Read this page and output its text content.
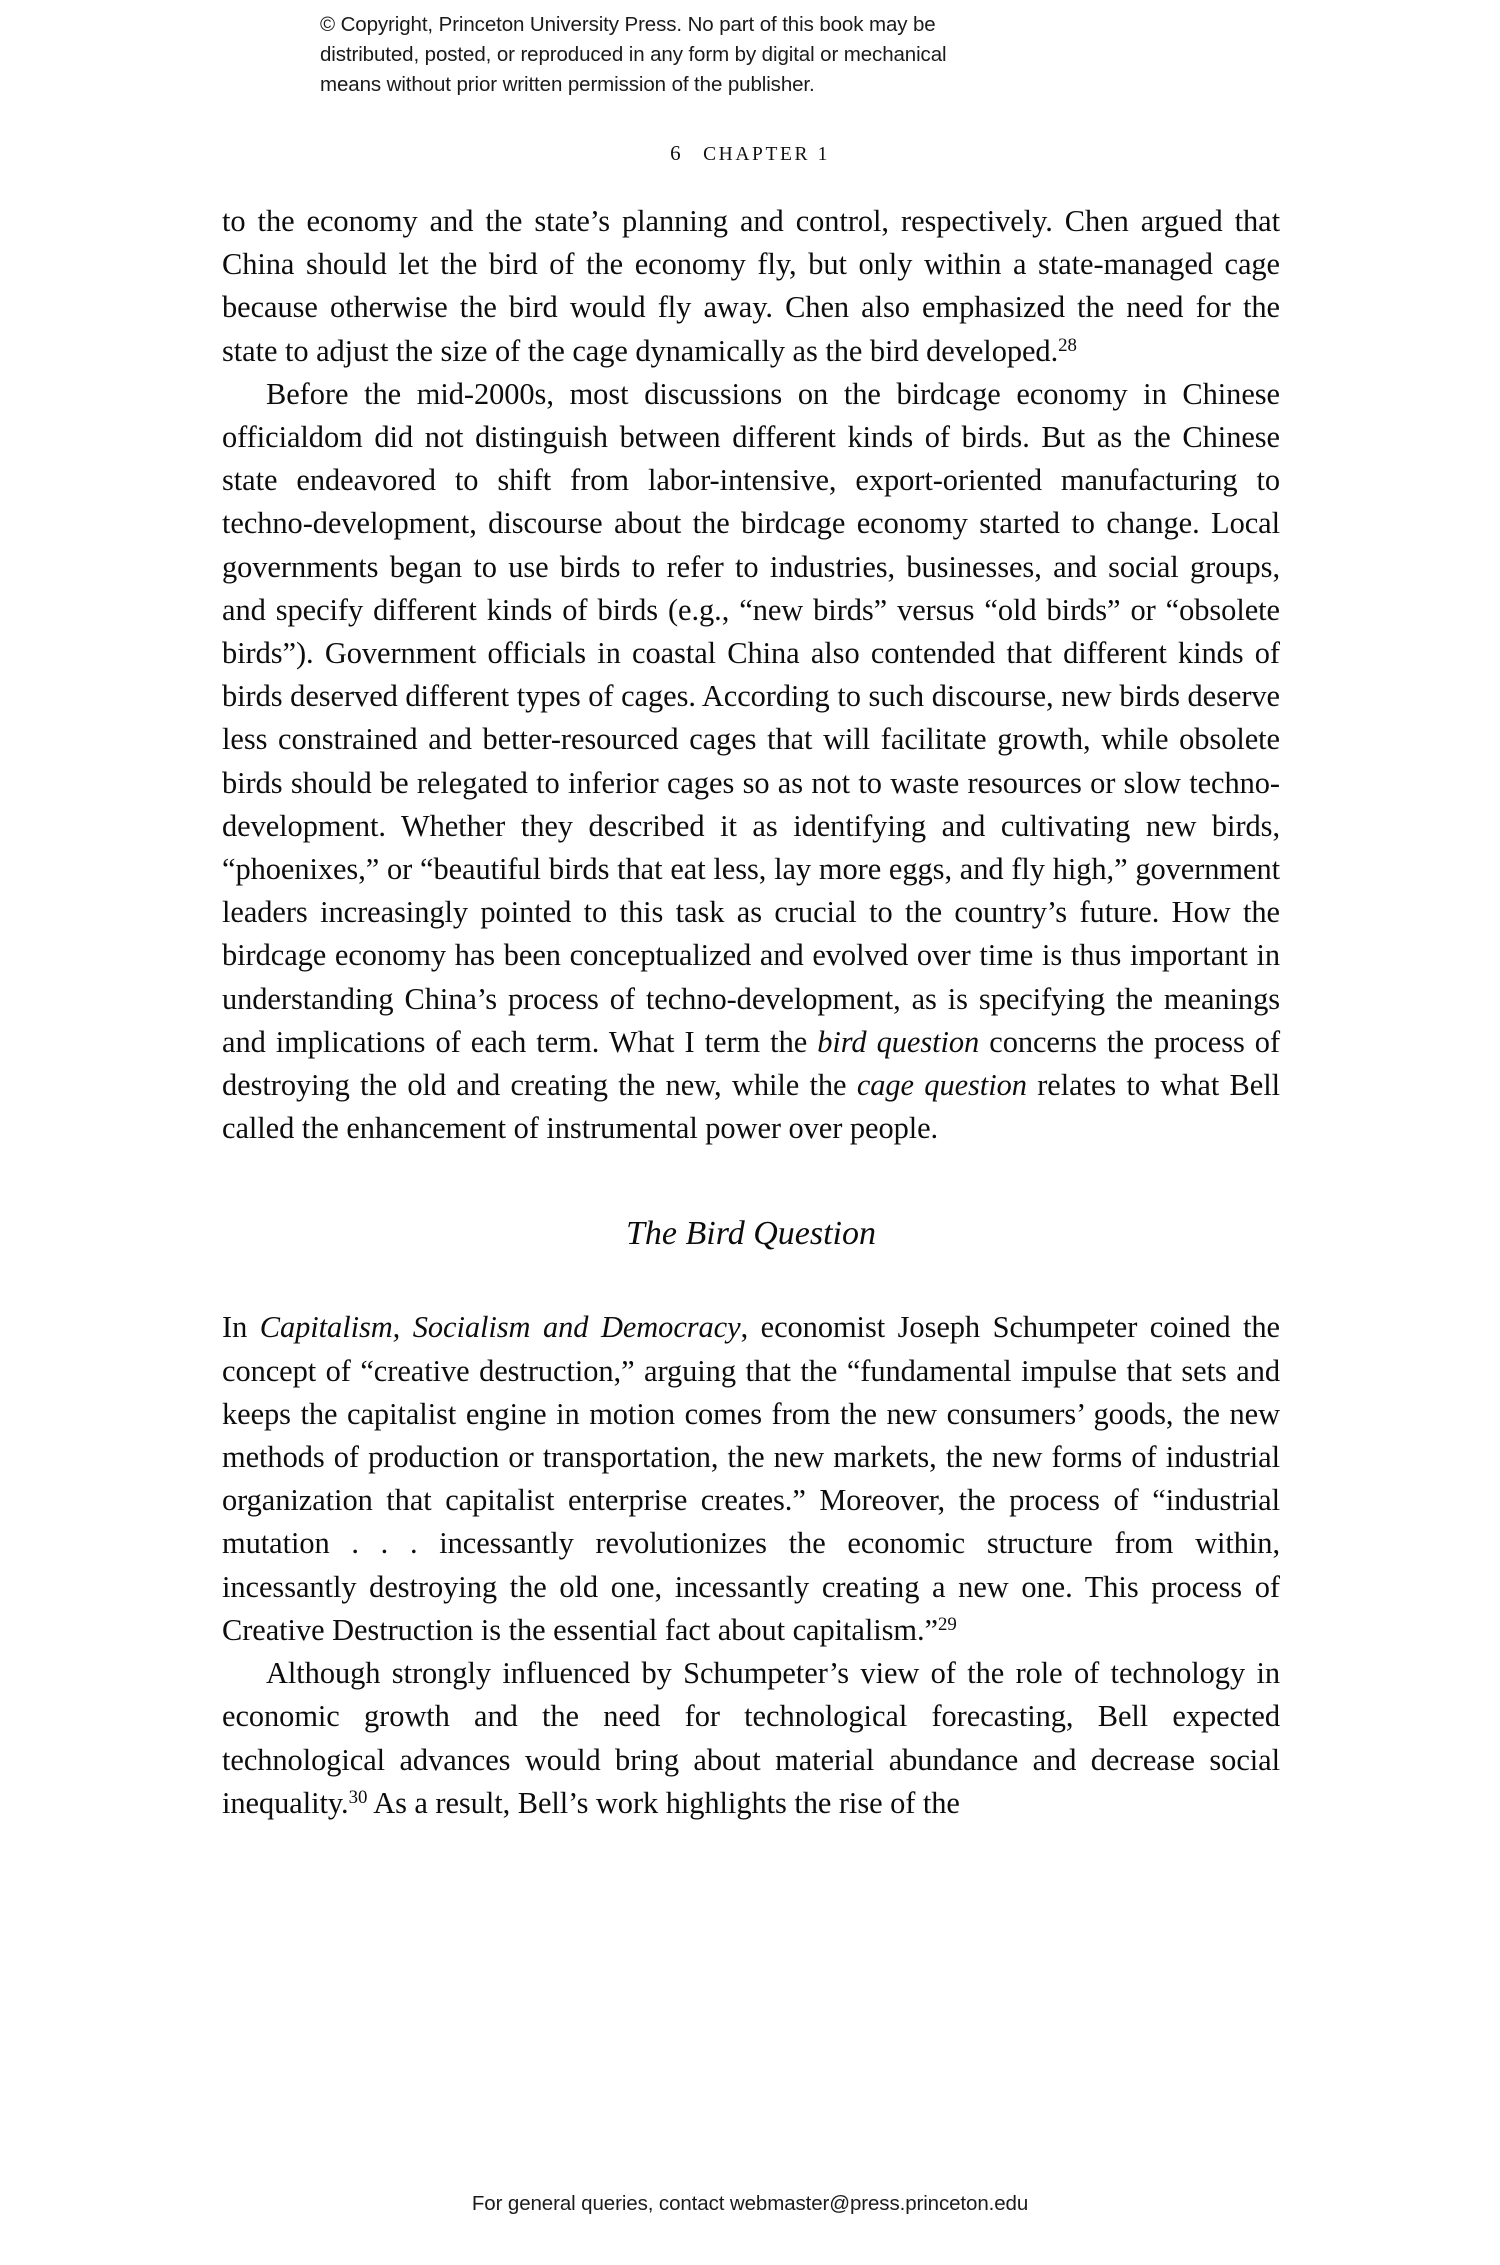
© Copyright, Princeton University Press. No part of this book may be
distributed, posted, or reproduced in any form by digital or mechanical
means without prior written permission of the publisher.
6 CHAPTER 1

to the economy and the state’s planning and control, respectively. Chen argued that China should let the bird of the economy fly, but only within a state-managed cage because otherwise the bird would fly away. Chen also emphasized the need for the state to adjust the size of the cage dynamically as the bird developed.$^{28}$

Before the mid-2000s, most discussions on the birdcage economy in Chinese officialdom did not distinguish between different kinds of birds. But as the Chinese state endeavored to shift from labor-intensive, export-oriented manufacturing to techno-development, discourse about the birdcage economy started to change. Local governments began to use birds to refer to industries, businesses, and social groups, and specify different kinds of birds (e.g., “new birds” versus “old birds” or “obsolete birds”). Government officials in coastal China also contended that different kinds of birds deserved different types of cages. According to such discourse, new birds deserve less constrained and better-resourced cages that will facilitate growth, while obsolete birds should be relegated to inferior cages so as not to waste resources or slow techno-development. Whether they described it as identifying and cultivating new birds, “phoenixes,” or “beautiful birds that eat less, lay more eggs, and fly high,” government leaders increasingly pointed to this task as crucial to the country’s future. How the birdcage economy has been conceptualized and evolved over time is thus important in understanding China’s process of techno-development, as is specifying the meanings and implications of each term. What I term the bird question concerns the process of destroying the old and creating the new, while the cage question relates to what Bell called the enhancement of instrumental power over people.

The Bird Question

In Capitalism, Socialism and Democracy, economist Joseph Schumpeter coined the concept of “creative destruction,” arguing that the “fundamental impulse that sets and keeps the capitalist engine in motion comes from the new consumers’ goods, the new methods of production or transportation, the new markets, the new forms of industrial organization that capitalist enterprise creates.” Moreover, the process of “industrial mutation . . . incessantly revolutionizes the economic structure from within, incessantly destroying the old one, incessantly creating a new one. This process of Creative Destruction is the essential fact about capitalism.”$^{29}$

Although strongly influenced by Schumpeter’s view of the role of technology in economic growth and the need for technological forecasting, Bell expected technological advances would bring about material abundance and decrease social inequality.$^{30}$ As a result, Bell’s work highlights the rise of the

For general queries, contact webmaster@press.princeton.edu
